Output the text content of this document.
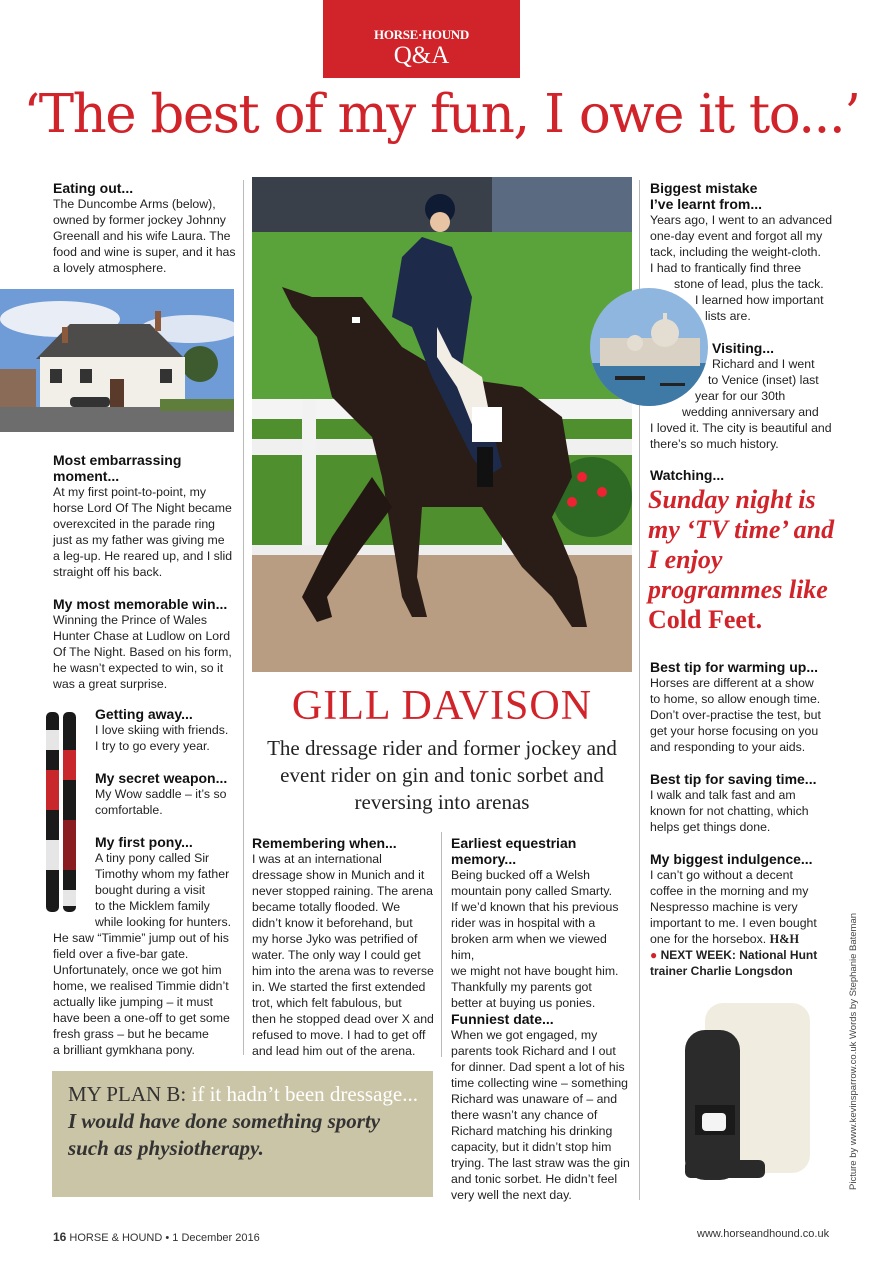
HORSE·HOUND
Q&A
‘The best of my fun, I owe it to...’
Eating out...
The Duncombe Arms (below),
owned by former jockey Johnny
Greenall and his wife Laura. The
food and wine is super, and it has
a lovely atmosphere.
Most embarrassing moment...
At my first point-to-point, my
horse Lord Of The Night became
overexcited in the parade ring
just as my father was giving me
a leg-up. He reared up, and I slid
straight off his back.
My most memorable win...
Winning the Prince of Wales
Hunter Chase at Ludlow on Lord
Of The Night. Based on his form,
he wasn’t expected to win, so it
was a great surprise.
Getting away...
I love skiing with friends.
I try to go every year.
My secret weapon...
My Wow saddle – it’s so
comfortable.
My first pony...
A tiny pony called Sir
Timothy whom my father
bought during a visit
to the Micklem family
while looking for hunters.
He saw “Timmie” jump out of his
field over a five-bar gate.
Unfortunately, once we got him
home, we realised Timmie didn’t
actually like jumping – it must
have been a one-off to get some
fresh grass – but he became
a brilliant gymkhana pony.
GILL DAVISON
The dressage rider and former jockey and event rider on gin and tonic sorbet and reversing into arenas
Remembering when...
I was at an international
dressage show in Munich and it
never stopped raining. The arena
became totally flooded. We
didn’t know it beforehand, but
my horse Jyko was petrified of
water. The only way I could get
him into the arena was to reverse
in. We started the first extended
trot, which felt fabulous, but
then he stopped dead over X and
refused to move. I had to get off
and lead him out of the arena.
Earliest equestrian memory...
Being bucked off a Welsh
mountain pony called Smarty.
If we’d known that his previous
rider was in hospital with a
broken arm when we viewed him,
we might not have bought him.
Thankfully my parents got
better at buying us ponies.
Funniest date...
When we got engaged, my
parents took Richard and I out
for dinner. Dad spent a lot of his
time collecting wine – something
Richard was unaware of – and
there wasn’t any chance of
Richard matching his drinking
capacity, but it didn’t stop him
trying. The last straw was the gin
and tonic sorbet. He didn’t feel
very well the next day.
MY PLAN B: if it hadn’t been dressage... I would have done something sporty such as physiotherapy.
Biggest mistake I’ve learnt from...
Years ago, I went to an advanced
one-day event and forgot all my
tack, including the weight-cloth.
I had to frantically find three
stone of lead, plus the tack.
I learned how important
lists are.
Visiting...
Richard and I went
to Venice (inset) last
year for our 30th
wedding anniversary and
I loved it. The city is beautiful and
there’s so much history.
Watching...
Sunday night is my ‘TV time’ and I enjoy programmes like Cold Feet.
Best tip for warming up...
Horses are different at a show
to home, so allow enough time.
Don’t over-practise the test, but
get your horse focusing on you
and responding to your aids.
Best tip for saving time...
I walk and talk fast and am
known for not chatting, which
helps get things done.
My biggest indulgence...
I can’t go without a decent
coffee in the morning and my
Nespresso machine is very
important to me. I even bought
one for the horsebox. H&H
● NEXT WEEK: National Hunt trainer Charlie Longsdon	Picture by www.kevinsparrow.co.uk Words by Stephanie Bateman
16 HORSE & HOUND • 1 December 2016	www.horseandhound.co.uk
